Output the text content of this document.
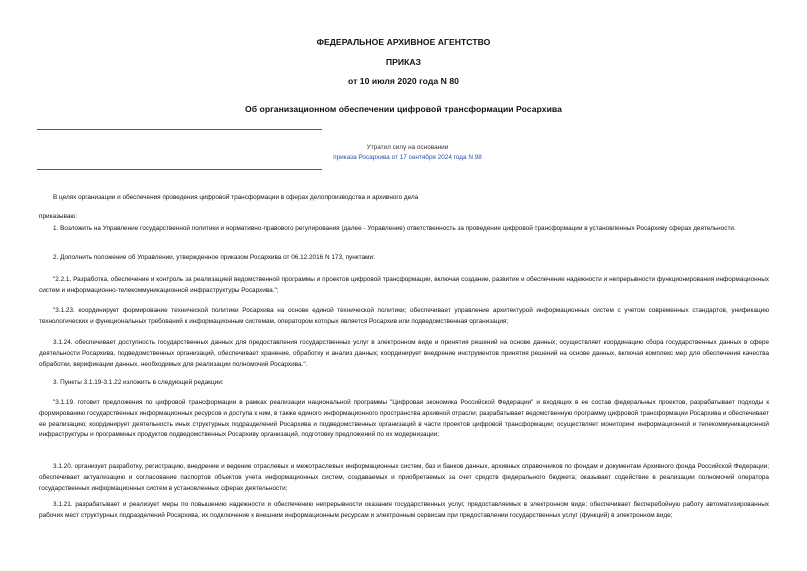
ФЕДЕРАЛЬНОЕ АРХИВНОЕ АГЕНТСТВО
ПРИКАЗ
от 10 июля 2020 года N 80
Об организационном обеспечении цифровой трансформации Росархива
Утратил силу на основании
приказа Росархива от 17 сентября 2024 года N 98

В целях организации и обеспечения проведения цифровой трансформации в сферах делопроизводства и архивного дела

приказываю:

1. Возложить на Управление государственной политики и нормативно-правового регулирования (далее - Управление) ответственность за проведение цифровой трансформации в установленных Росархиву сферах деятельности.

2. Дополнить положение об Управлении, утвержденное приказом Росархива от 06.12.2016 N 173, пунктами:

"2.2.1. Разработка, обеспечение и контроль за реализацией ведомственной программы и проектов цифровой трансформации, включая создание, развитие и обеспечение надежности и непрерывности функционирования информационных систем и информационно-телекоммуникационной инфраструктуры Росархива.";

"3.1.23. координирует формирование технической политики Росархива на основе единой технической политики; обеспечивает управление архитектурой информационных систем с учетом современных стандартов, унификацию технологических и функциональных требований к информационным системам, оператором которых является Росархив или подведомственная организация;

3.1.24. обеспечивает доступность государственных данных для предоставления государственных услуг в электронном виде и принятия решений на основе данных; осуществляет координацию сбора государственных данных в сфере деятельности Росархива, подведомственных организаций, обеспечивает хранение, обработку и анализ данных; координирует внедрение инструментов принятия решений на основе данных, включая комплекс мер для обеспечения качества обработки, верификации данных, необходимых для реализации полномочий Росархива.".

3. Пункты 3.1.19-3.1.22 изложить в следующей редакции:

"3.1.19. готовит предложения по цифровой трансформации в рамках реализации национальной программы "Цифровая экономика Российской Федерации" и входящих в ее состав федеральных проектов, разрабатывает подходы к формированию государственных информационных ресурсов и доступа к ним, в также единого информационного пространства архивной отрасли; разрабатывает ведомственную программу цифровой трансформации Росархива и обеспечивает ее реализацию; координирует деятельность иных структурных подразделений Росархива и подведомственных организаций в части проектов цифровой трансформации; осуществляет мониторинг информационной и телекоммуникационной инфраструктуры и программных продуктов подведомственных Росархиву организаций, подготовку предложений по их модернизации;

3.1.20. организует разработку, регистрацию, внедрение и ведение отраслевых и межотраслевых информационных систем, баз и банков данных, архивных справочников по фондам и документам Архивного фонда Российской Федерации; обеспечивает актуализацию и согласование паспортов объектов учета информационных систем, создаваемых и приобретаемых за счет средств федерального бюджета; оказывает содействие в реализации полномочий оператора государственных информационных систем в установленных сферах деятельности;

3.1.21. разрабатывает и реализует меры по повышению надежности и обеспечению непрерывности оказания государственных услуг, предоставляемых в электронном виде; обеспечивает бесперебойную работу автоматизированных рабочих мест структурных подразделений Росархива, их подключение к внешним информационным ресурсам и электронным сервисам при предоставлении государственных услуг (функций) в электронном виде;
